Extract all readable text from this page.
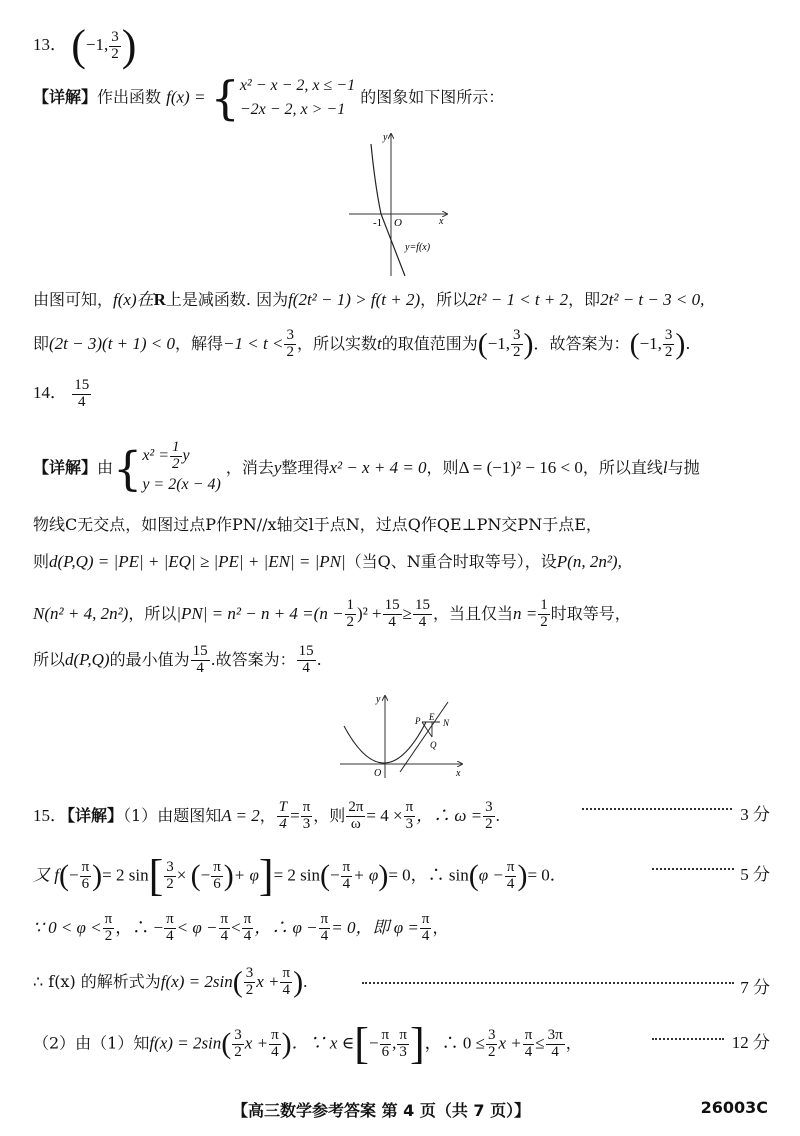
13． (−1, $\frac{3}{2}$ )
【详解】作出函数 f(x) = { x² − x − 2, x ≤ −1
−2x − 2, x > −1
的图象如下图所示：
y
x
O
-1
y=f(x)
由图可知，f(x)在R上是减函数. 因为f(2t² − 1) > f(t + 2)，所以2t² − 1 < t + 2，即2t² − t − 3 < 0,
即(2t − 3)(t + 1) < 0，解得$-1 < t < \frac{3}{2}$ ，所以实数t的取值范围为(−1, $\frac{3}{2}$ )．故答案为：(−1, $\frac{3}{2}$ ).
14． $\frac{15}{4}$
【详解】由{ $x^2 = \frac{1}{2}$ y
y = 2(x − 4)
，消去y整理得x² − x + 4 = 0，则Δ = (−1)² − 16 < 0，所以直线l与抛
物线C无交点，如图过点P作PN//x轴交l于点N，过点Q作QE⊥PN交PN于点E，
则d(P,Q) = |PE| + |EQ| ≥ |PE| + |EN| = |PN|（当Q、N重合时取等号），设P(n, 2n²),
N(n² + 4, 2n²)，所以$|PN| = n^2 - n + 4 =(n - \frac{1}{2} )^2 + \frac{15}{4} \ge \frac{15}{4}$ ，当且仅当$n = \frac{1}{2}$ 时取等号，
所以d(P,Q)的最小值为 $\frac{15}{4}$ .故答案为： $\frac{15}{4}$ .
y
x
O
P E
N
Q
15．【详解】（1）由题图知A = 2， $\frac{T}{4} = \frac{\pi}{3}$ ，则 $\frac{2\pi}{\omega} = 4 \times \frac{\pi}{3}$ ，∴ $\omega = \frac{3}{2}$ .	3 分
又 $f(- \frac{\pi}{6}$ )= 2 $\sin[ \frac{3}{2}$ × (− $\frac{\pi}{6}$ )+ φ]= 2 $\sin(- \frac{\pi}{4} + \varphi)= 0$，∴ $\sin(\varphi - \frac{\pi}{4}$ )= 0．	5 分
∵ $0 < \varphi < \frac{\pi}{2}$ ，∴ − $\frac{\pi}{4} < \varphi - \frac{\pi}{4} < \frac{\pi}{4}$ ，∴ $\varphi - \frac{\pi}{4} = 0$，即 $\varphi = \frac{\pi}{4}$ ，
∴ f(x) 的解析式为$f(x) = 2\sin( \frac{3}{2}$ $x + \frac{\pi}{4}$ ).	7 分
（2）由（1）知$f(x) = 2\sin( \frac{3}{2}$ $x + \frac{\pi}{4}$ )．∵ x ∈[− $\frac{\pi}{6}$ , $\frac{\pi}{3}$ ]，∴ $0 \le \frac{3}{2}$ $x + \frac{\pi}{4} \le \frac{3\pi}{4}$ ，	12 分
【高三数学参考答案 第 4 页（共 7 页）】	26003C
